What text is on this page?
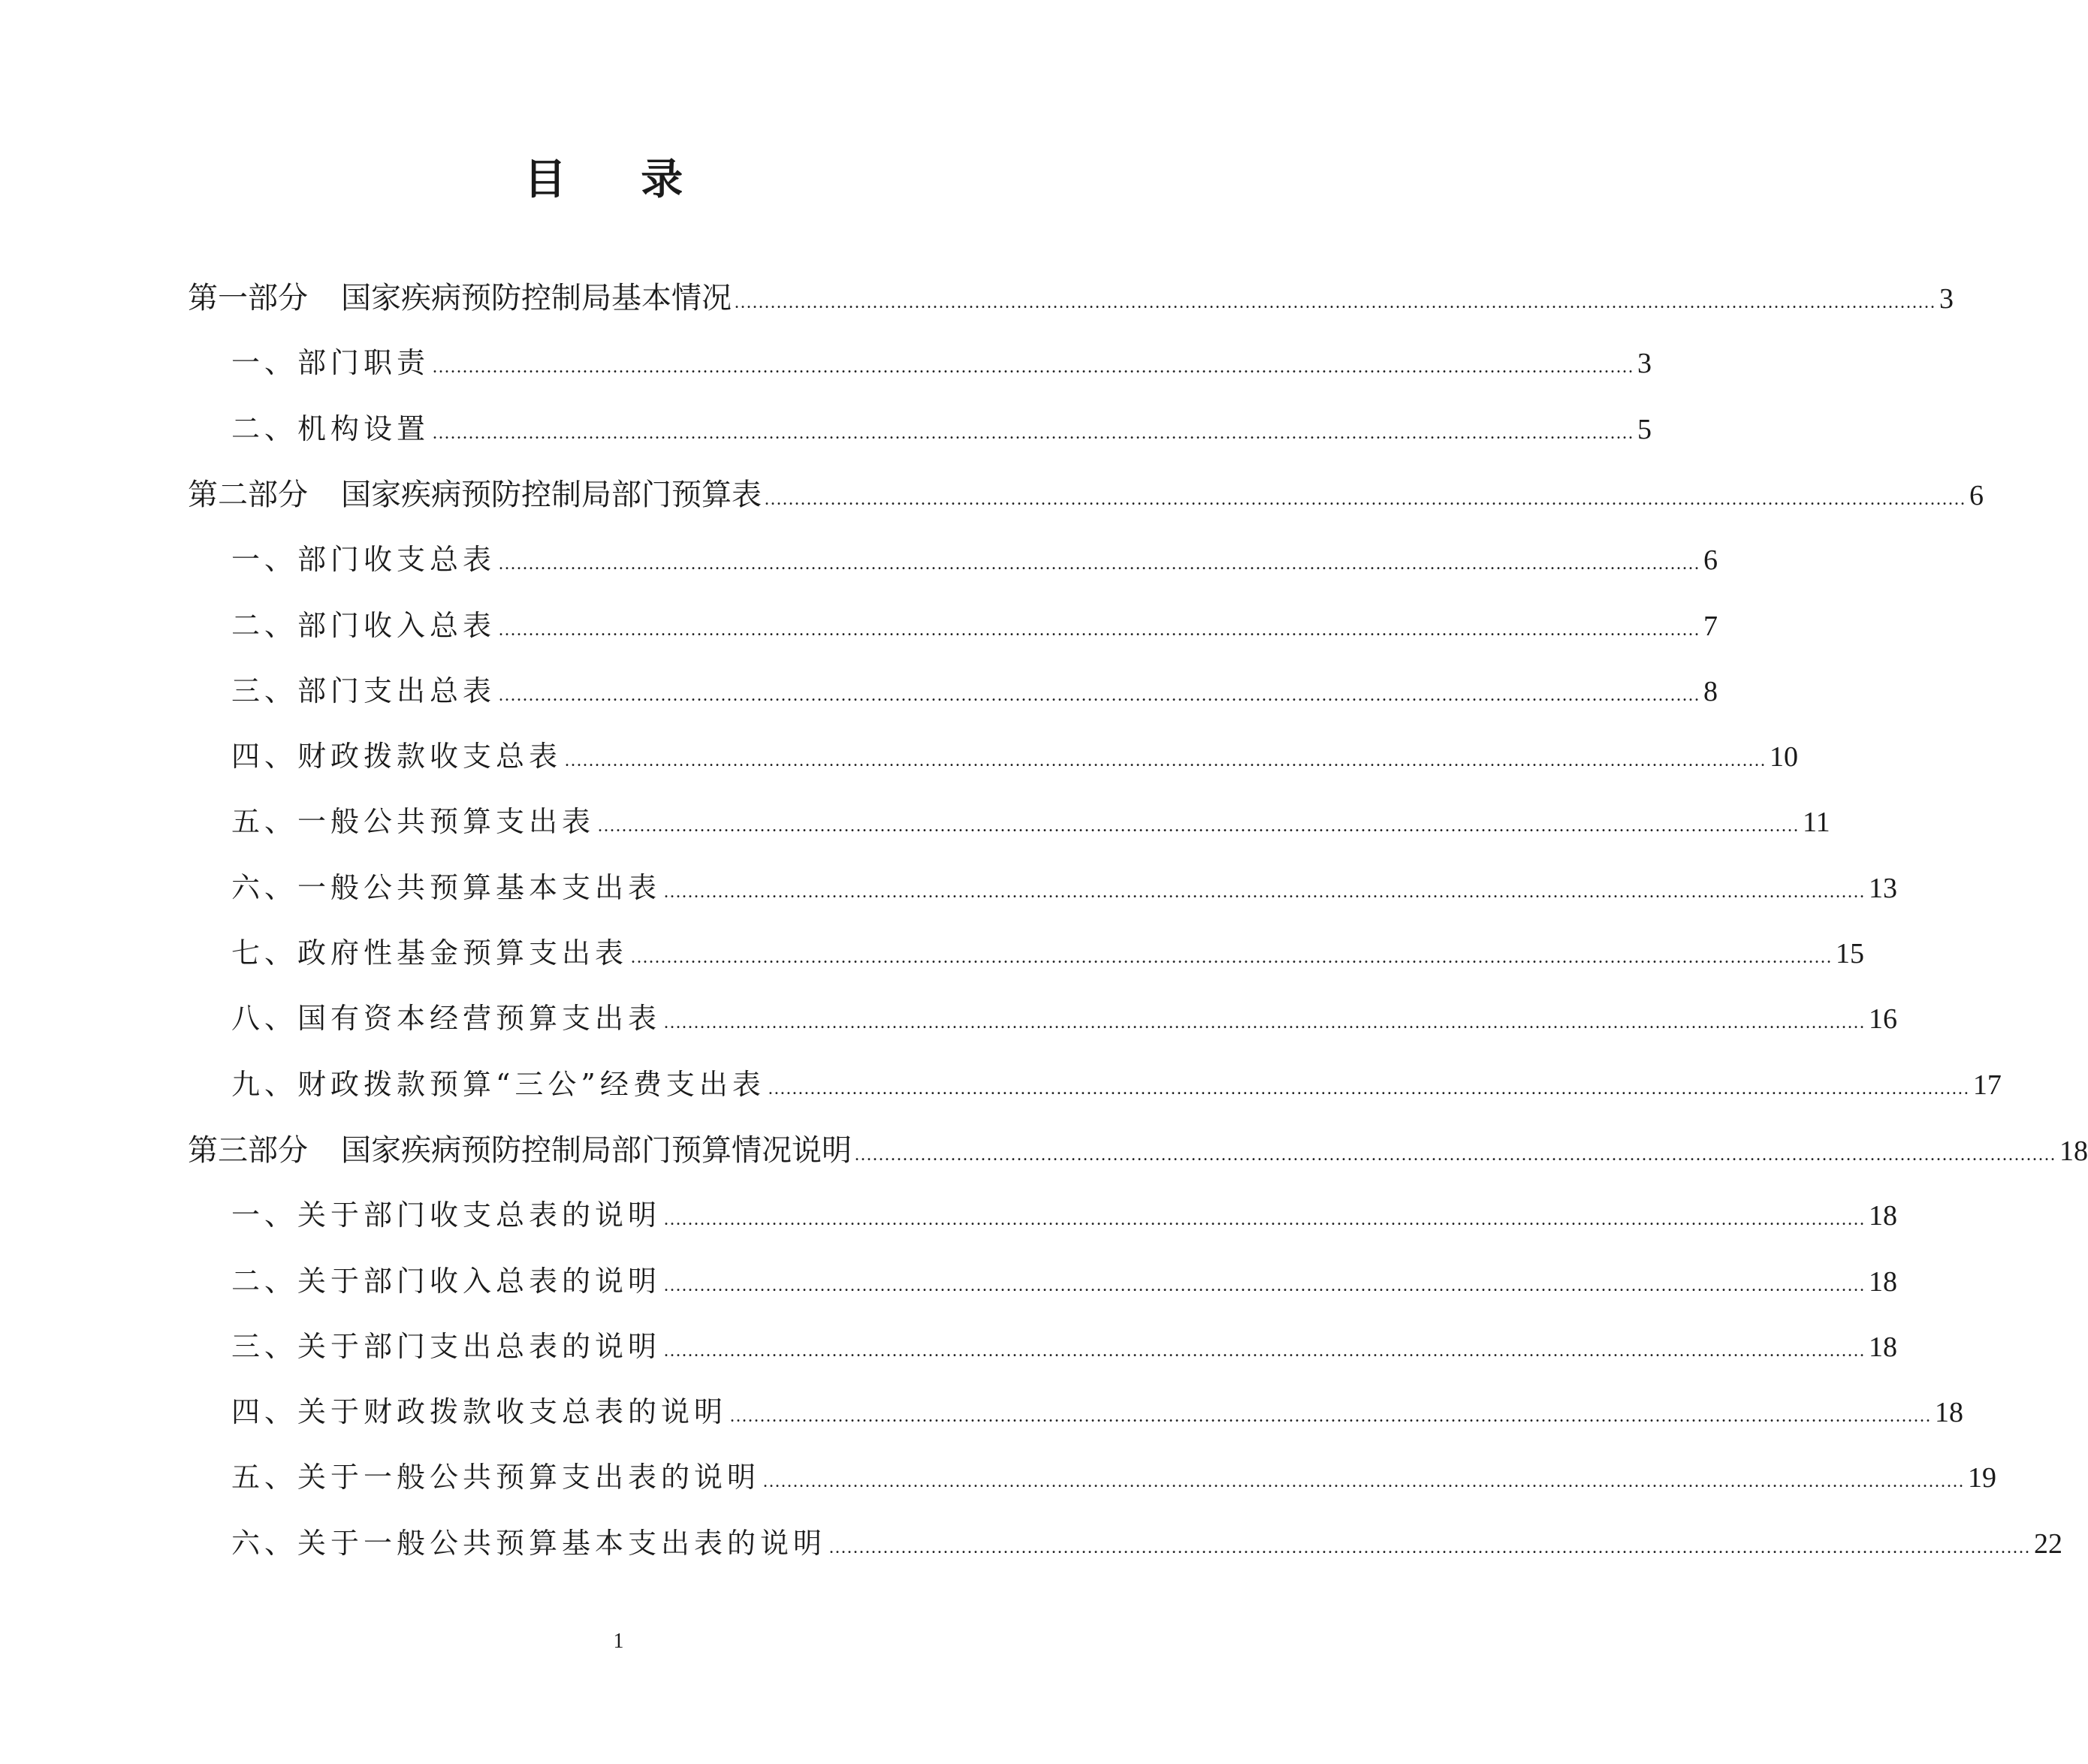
目 录
第一部分 国家疾病预防控制局基本情况 ........................................................................................................................................................................................................ 3
一、部门职责 ........................................................................................................................................................................................................ 3
二、机构设置 ........................................................................................................................................................................................................ 5
第二部分 国家疾病预防控制局部门预算表 ........................................................................................................................................................................................................ 6
一、部门收支总表 ........................................................................................................................................................................................................ 6
二、部门收入总表 ........................................................................................................................................................................................................ 7
三、部门支出总表 ........................................................................................................................................................................................................ 8
四、财政拨款收支总表 ........................................................................................................................................................................................................ 10
五、一般公共预算支出表 ........................................................................................................................................................................................................ 11
六、一般公共预算基本支出表 ........................................................................................................................................................................................................ 13
七、政府性基金预算支出表 ........................................................................................................................................................................................................ 15
八、国有资本经营预算支出表 ........................................................................................................................................................................................................ 16
九、财政拨款预算“三公”经费支出表 ........................................................................................................................................................................................................ 17
第三部分 国家疾病预防控制局部门预算情况说明 ........................................................................................................................................................................................................ 18
一、关于部门收支总表的说明 ........................................................................................................................................................................................................ 18
二、关于部门收入总表的说明 ........................................................................................................................................................................................................ 18
三、关于部门支出总表的说明 ........................................................................................................................................................................................................ 18
四、关于财政拨款收支总表的说明 ........................................................................................................................................................................................................ 18
五、关于一般公共预算支出表的说明 ........................................................................................................................................................................................................ 19
六、关于一般公共预算基本支出表的说明 ........................................................................................................................................................................................................ 22
1
